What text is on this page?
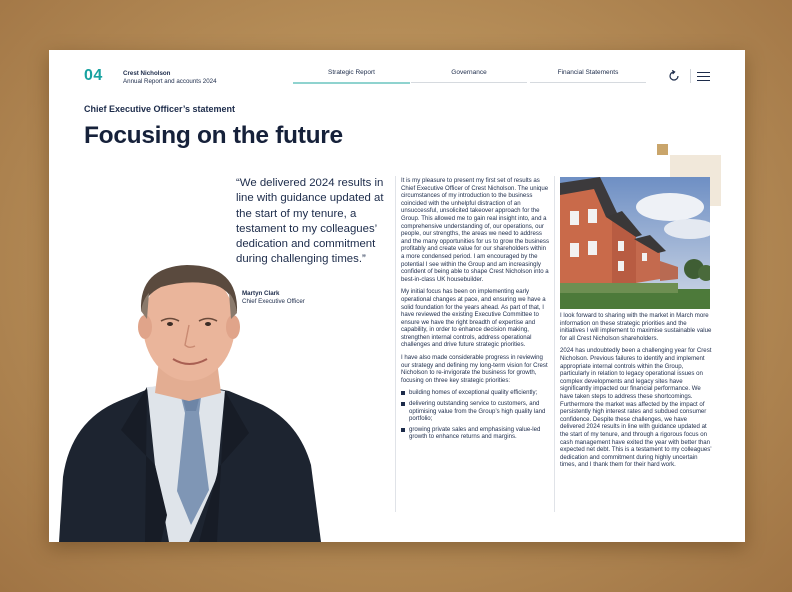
04	Crest Nicholson
Annual Report and accounts 2024
Strategic Report	Governance	Financial Statements
Chief Executive Officer’s statement
Focusing on the future
“We delivered 2024 results in line with guidance updated at the start of my tenure, a testament to my colleagues’ dedication and commitment during challenging times.”
Martyn Clark
Chief Executive Officer

It is my pleasure to present my first set of results as Chief Executive Officer of Crest Nicholson. The unique circumstances of my introduction to the business coincided with the unhelpful distraction of an unsuccessful, unsolicited takeover approach for the Group. This allowed me to gain real insight into, and a comprehensive understanding of, our operations, our people, our strengths, the areas we need to address and the many opportunities for us to grow the business profitably and create value for our shareholders within a more condensed period. I am encouraged by the potential I see within the Group and am increasingly confident of being able to shape Crest Nicholson into a best-in-class UK housebuilder.

My initial focus has been on implementing early operational changes at pace, and ensuring we have a solid foundation for the years ahead. As part of that, I have reviewed the existing Executive Committee to ensure we have the right breadth of expertise and capability, in order to enhance decision making, strengthen internal controls, address operational challenges and drive future strategic priorities.

I have also made considerable progress in reviewing our strategy and defining my long-term vision for Crest Nicholson to re-invigorate the business for growth, focusing on three key strategic priorities:

building homes of exceptional quality efficiently;
delivering outstanding service to customers, and optimising value from the Group’s high quality land portfolio;
growing private sales and emphasising value-led growth to enhance returns and margins.

I look forward to sharing with the market in March more information on these strategic priorities and the initiatives I will implement to maximise sustainable value for all Crest Nicholson shareholders.

2024 has undoubtedly been a challenging year for Crest Nicholson. Previous failures to identify and implement appropriate internal controls within the Group, particularly in relation to legacy operational issues on complex developments and legacy sites have significantly impacted our financial performance. We have taken steps to address these shortcomings. Furthermore the market was affected by the impact of persistently high interest rates and subdued consumer confidence. Despite these challenges, we have delivered 2024 results in line with guidance updated at the start of my tenure, and through a rigorous focus on cash management have exited the year with better than expected net debt. This is a testament to my colleagues’ dedication and commitment during highly uncertain times, and I thank them for their hard work.
